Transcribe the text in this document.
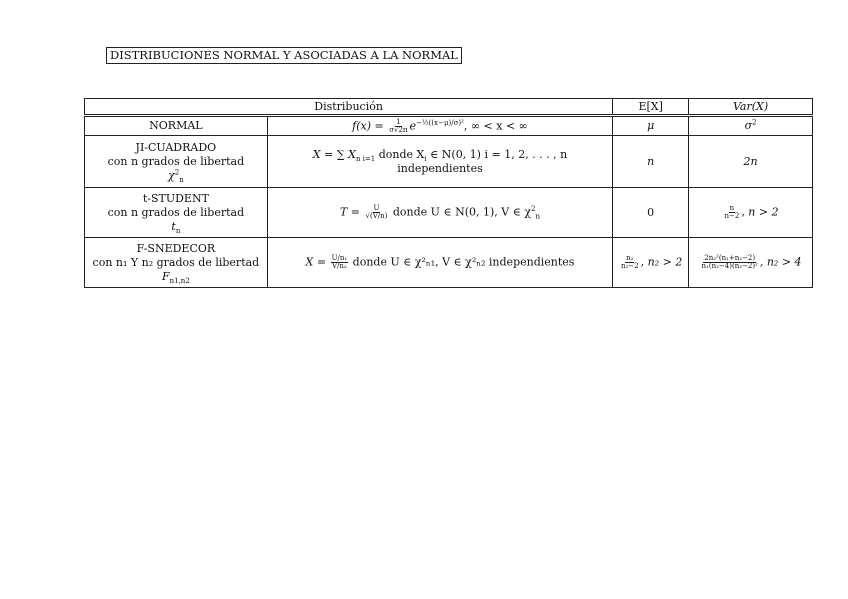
DISTRIBUCIONES NORMAL Y ASOCIADAS A LA NORMAL
Distribución		E[X]	Var(X)
NORMAL	$f(x) = \frac{1}{\sigma√2\pi} e^{-\frac{1}{2}((x-\mu)/\sigma)^2}$, ∞ < x < ∞	μ	$\sigma^2$

JI-CUADRADO
con n grados de libertad
$\chi^2_n$	X = ∑ $X_{n i=1}$ donde $X_i$ ∈ N(0, 1) i = 1, 2, . . . , n independientes	n	2n

t-STUDENT
con n grados de libertad
$t_n$	$T = \frac{U}{√(V/n)}$ donde U ∈ N(0, 1), V ∈ $\chi^2_n$	0	$\frac{n}{n-2}$ , n > 2

F-SNEDECOR
con n₁ Y n₂ grados de libertad
$F_{n1,n2}$	$X = \frac{\text{U/n₁}}{\text{V/n₂}}$ donde U ∈ χ²ₙ₁, V ∈ χ²ₙ₂ independientes	$\frac{\text{n₂}}{\text{n₂−2}}$ , n₂ > 2	$\frac{\text{2n₂²(n₁+n₂−2)}}{\text{n₁(n₂−4)(n₂−2)²}}$ , n₂ > 4
